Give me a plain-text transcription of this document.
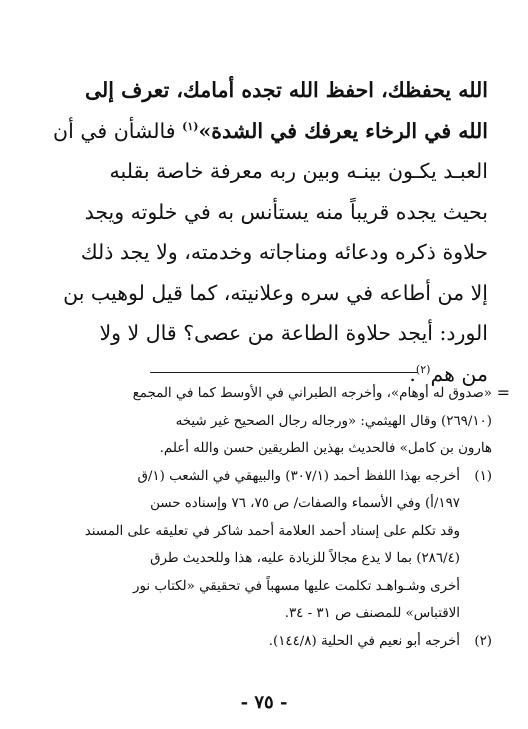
الله يحفظك، احفظ الله تجده أمامك، تعرف إلى
الله في الرخاء يعرفك في الشدة»$^{(١)}$ فالشأن في أن
العبـد يكـون بينـه وبين ربه معرفة خاصة بقلبه
بحيث يجده قريباً منه يستأنس به في خلوته ويجد
حلاوة ذكره ودعائه ومناجاته وخدمته، ولا يجد ذلك
إلا من أطاعه في سره وعلانيته، كما قيل لوهيب بن
الورد: أيجد حلاوة الطاعة من عصى؟ قال لا ولا
من هم$^{(٢)}$.
=
«صدوق له أوهام»، وأخرجه الطبراني في الأوسط كما في المجمع
(٢٦٩/١٠) وقال الهيثمي: «ورجاله رجال الصحيح غير شيخه
هارون بن كامل» فالحديث بهذين الطريقين حسن والله أعلم.
(١)أخرجه بهذا اللفظ أحمد (٣٠٧/١) والبيهقي في الشعب (١/ق
١٩٧/أ) وفي الأسماء والصفات/ ص ٧٥، ٧٦ وإسناده حسن
وقد تكلم على إسناد أحمد العلامة أحمد شاكر في تعليقه على المسند
(٢٨٦/٤) بما لا يدع مجالاً للزيادة عليه، هذا وللحديث طرق
أخرى وشـواهـد تكلمت عليها مسهباً في تحقيقي «لكتاب نور
الاقتباس» للمصنف ص ٣١ - ٣٤.
(٢)أخرجه أبو نعيم في الحلية (١٤٤/٨).
- ٧٥ -
